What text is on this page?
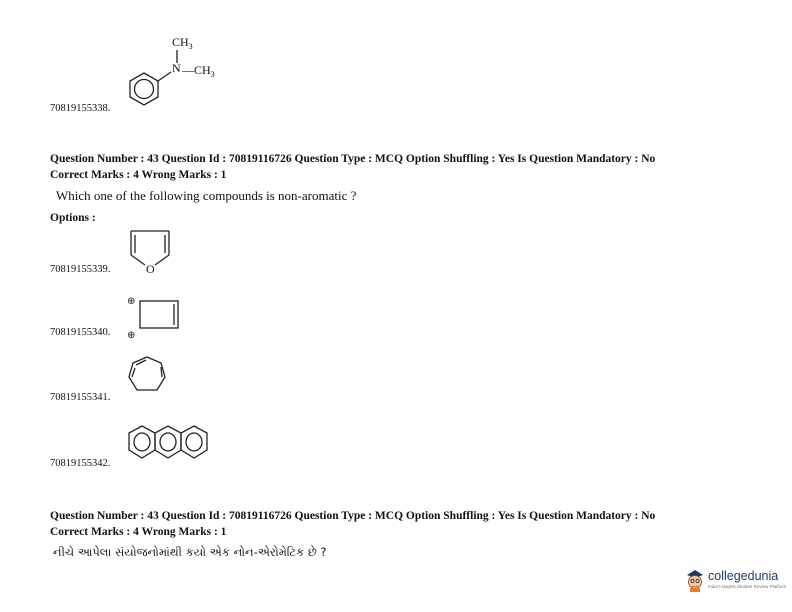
N
$CH_3$
$—CH_3$
70819155338.
Question Number : 43 Question Id : 70819116726 Question Type : MCQ Option Shuffling : Yes Is Question Mandatory : No
Correct Marks : 4 Wrong Marks : 1
Which one of the following compounds is non-aromatic ?
Options :
O
70819155339.
⊕
⊕
70819155340.
70819155341.
70819155342.
Question Number : 43 Question Id : 70819116726 Question Type : MCQ Option Shuffling : Yes Is Question Mandatory : No
Correct Marks : 4 Wrong Marks : 1
નીચે આપેલા સંયોજનોમાંથી કયો એક નોન-એરોમેટિક છે ?
collegedunia
India's largest Student Review Platform
